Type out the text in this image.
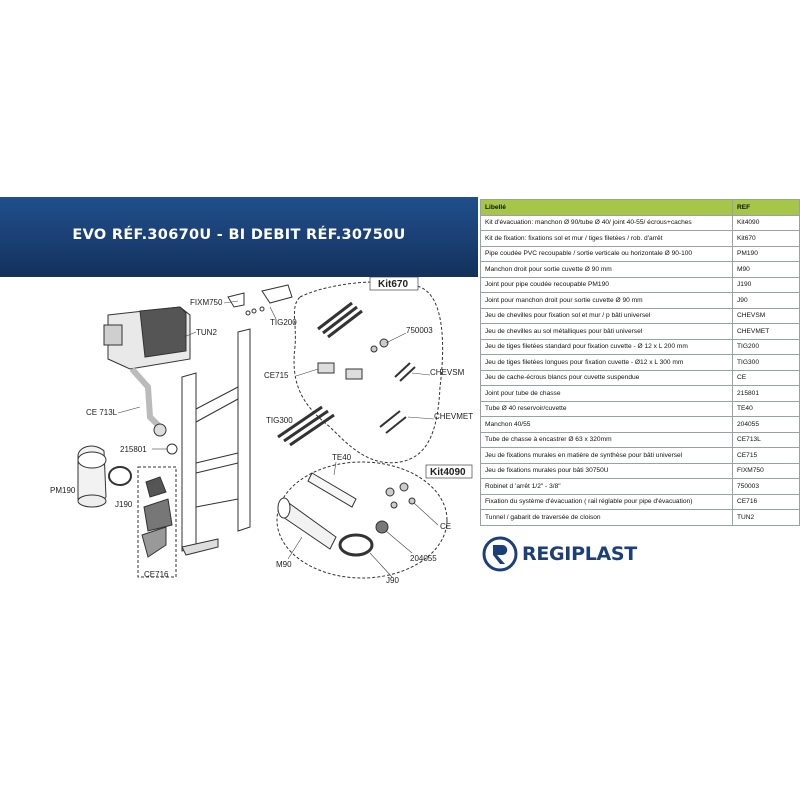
EVO RÉF.30670U - BI DEBIT RÉF.30750U
FIXM750
TUN2
TIG200
CE 713L
215801
PM190
J190
CE716
Kit670
750003
CE715	CHEVSM
TIG300	CHEVMET
TE40
Kit4090
CE
M90
J90
204055
Libellé	REF
Kit d'évacuation: manchon Ø 90/tube Ø 40/ joint 40-55/ écrous+caches	Kit4090
Kit de fixation: fixations sol et mur / tiges filetées / rob. d'arrêt	Kit670
Pipe coudée PVC recoupable / sortie verticale ou horizontale Ø 90-100	PM190
Manchon droit pour sortie cuvette Ø 90 mm	M90
Joint pour pipe coudée recoupable PM190	J190
Joint pour manchon droit pour sortie cuvette Ø 90 mm	J90
Jeu de chevilles pour fixation sol et mur / p bâti universel	CHEVSM
Jeu de chevilles au sol métalliques pour bâti universel	CHEVMET
Jeu de tiges filetées standard pour fixation cuvette - Ø 12 x L 200 mm	TIG200
Jeu de tiges filetées longues pour fixation cuvette - Ø12 x L 300 mm	TIG300
Jeu de cache-écrous blancs pour cuvette suspendue	CE
Joint pour tube de chasse	215801
Tube Ø 40 reservoir/cuvette	TE40
Manchon 40/55	204055
Tube de chasse à encastrer Ø 63 x 320mm	CE713L
Jeu de fixations murales en matière de synthèse pour bâti universel	CE715
Jeu de fixations murales pour bâti 30750U	FIXM750
Robinet d 'arrêt 1/2" - 3/8"	750003
Fixation du système d'évacuation ( rail réglable pour pipe d'évacuation)	CE716
Tunnel / gabarit de traversée de cloison	TUN2
REGIPLAST
